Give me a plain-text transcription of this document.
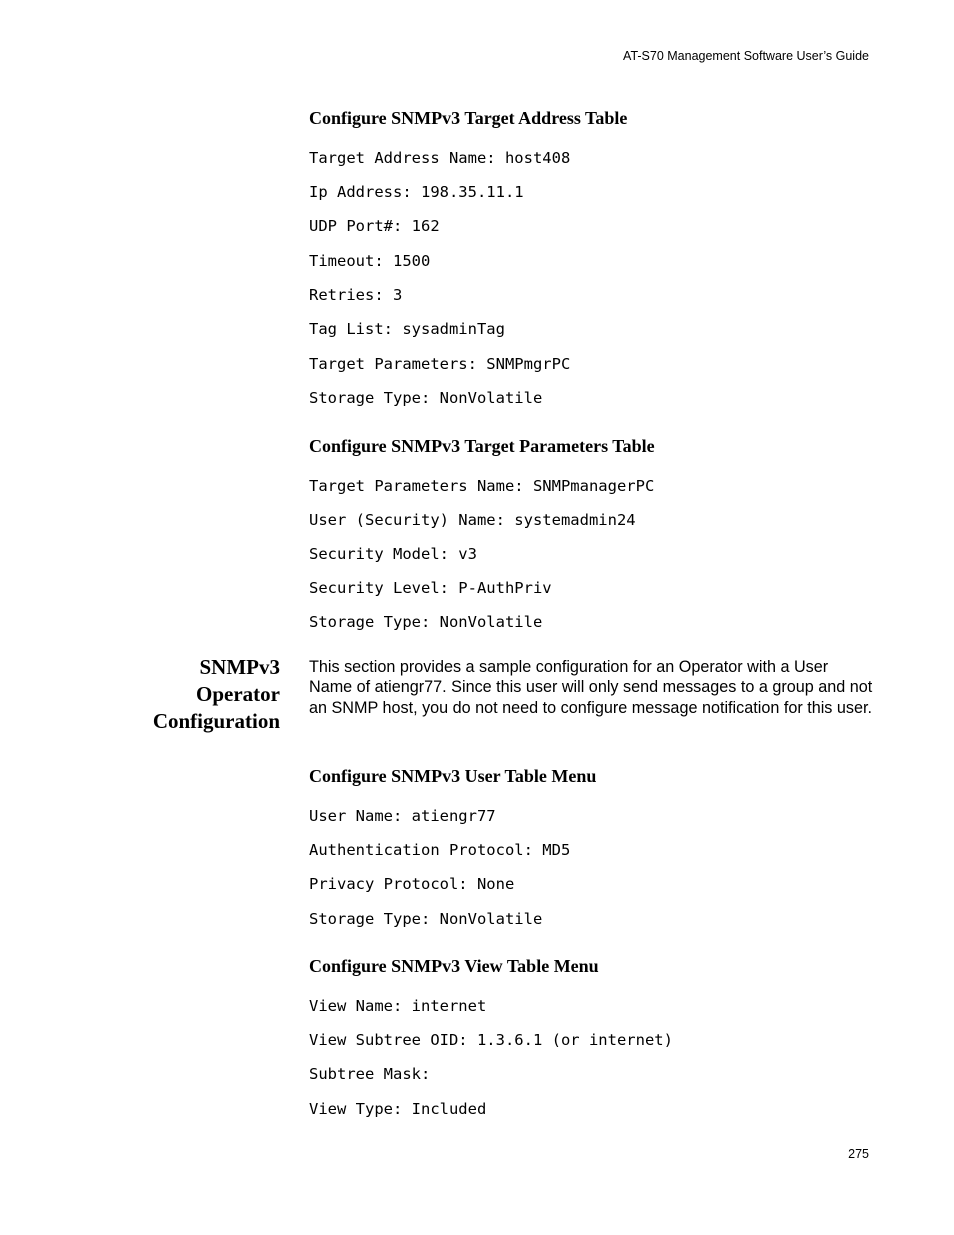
AT-S70 Management Software User’s Guide
Configure SNMPv3 Target Address Table
Target Address Name: host408
Ip Address: 198.35.11.1
UDP Port#: 162
Timeout: 1500
Retries: 3
Tag List: sysadminTag
Target Parameters: SNMPmgrPC
Storage Type: NonVolatile
Configure SNMPv3 Target Parameters Table
Target Parameters Name: SNMPmanagerPC
User (Security) Name: systemadmin24
Security Model: v3
Security Level: P-AuthPriv
Storage Type: NonVolatile
SNMPv3
Operator
Configuration
This section provides a sample configuration for an Operator with a User Name of atiengr77. Since this user will only send messages to a group and not an SNMP host, you do not need to configure message notification for this user.
Configure SNMPv3 User Table Menu
User Name: atiengr77
Authentication Protocol: MD5
Privacy Protocol: None
Storage Type: NonVolatile
Configure SNMPv3 View Table Menu
View Name: internet
View Subtree OID: 1.3.6.1 (or internet)
Subtree Mask:
View Type: Included
275
